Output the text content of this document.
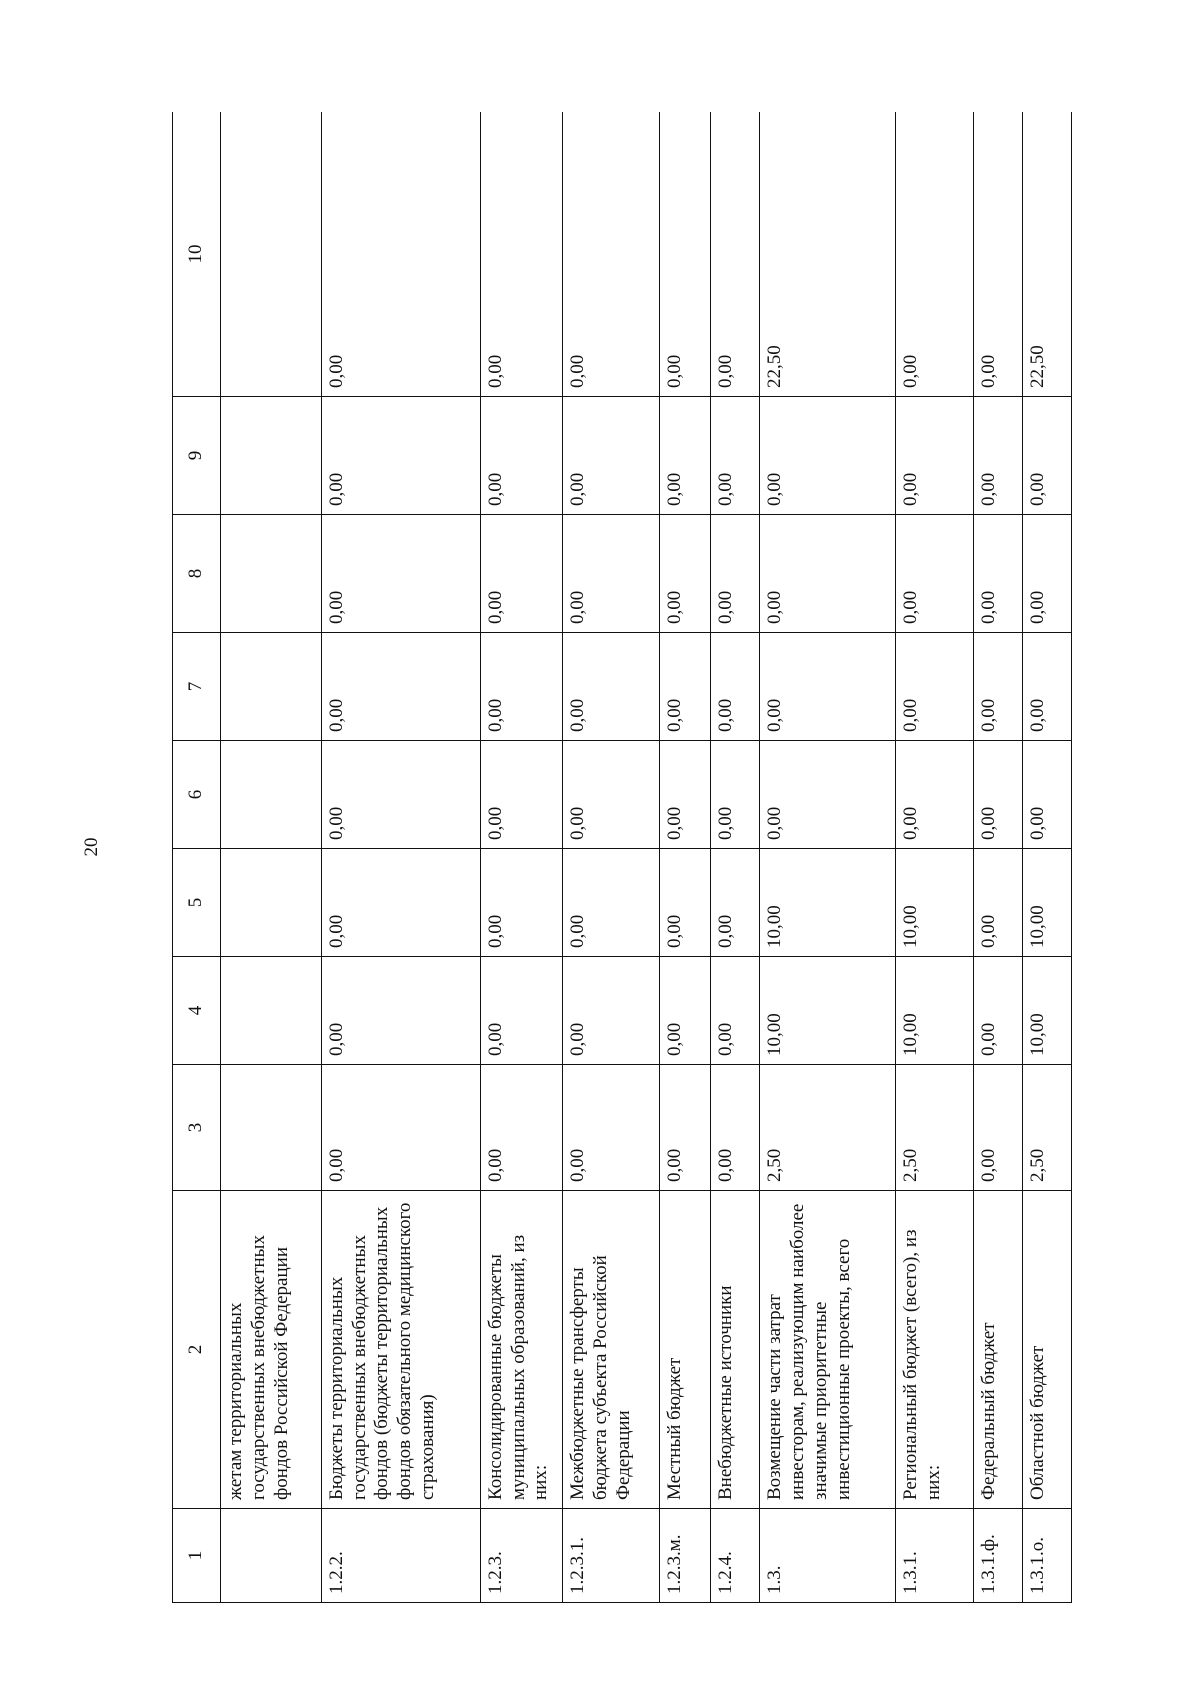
20
1	2	3	4	5	6	7	8	9	10
	жетам территориальных государственных внебюджетных фондов Российской Федерации								
1.2.2.	Бюджеты территориальных государственных внебюджетных фондов (бюджеты территориальных фондов обязательного медицинского страхования)	0,00	0,00	0,00	0,00	0,00	0,00	0,00	0,00
1.2.3.	Консолидированные бюджеты муниципальных образований, из них:	0,00	0,00	0,00	0,00	0,00	0,00	0,00	0,00
1.2.3.1.	Межбюджетные трансферты бюджета субъекта Российской Федерации	0,00	0,00	0,00	0,00	0,00	0,00	0,00	0,00
1.2.3.м.	Местный бюджет	0,00	0,00	0,00	0,00	0,00	0,00	0,00	0,00
1.2.4.	Внебюджетные источники	0,00	0,00	0,00	0,00	0,00	0,00	0,00	0,00
1.3.	Возмещение части затрат инвесторам, реализующим наиболее значимые приоритетные инвестиционные проекты, всего	2,50	10,00	10,00	0,00	0,00	0,00	0,00	22,50
1.3.1.	Региональный бюджет (всего), из них:	2,50	10,00	10,00	0,00	0,00	0,00	0,00	0,00
1.3.1.ф.	Федеральный бюджет	0,00	0,00	0,00	0,00	0,00	0,00	0,00	0,00
1.3.1.о.	Областной бюджет	2,50	10,00	10,00	0,00	0,00	0,00	0,00	22,50
